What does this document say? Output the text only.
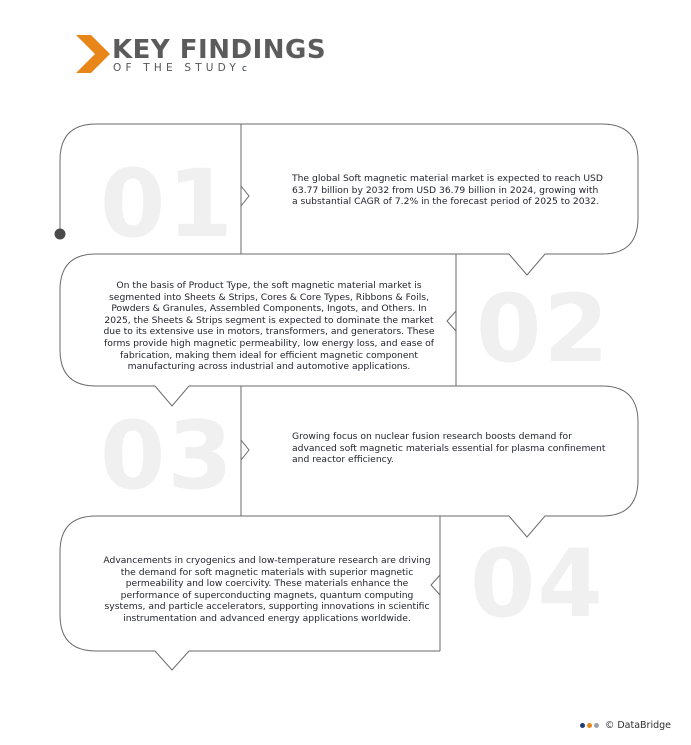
KEY FINDINGS
OF THE STUDY c
01	The global Soft magnetic material market is expected to reach USD 63.77 billion by 2032 from USD 36.79 billion in 2024, growing with a substantial CAGR of 7.2% in the forecast period of 2025 to 2032.

02

On the basis of Product Type, the soft magnetic material market is segmented into Sheets & Strips, Cores & Core Types, Ribbons & Foils, Powders & Granules, Assembled Components, Ingots, and Others. In 2025, the Sheets & Strips segment is expected to dominate the market due to its extensive use in motors, transformers, and generators. These forms provide high magnetic permeability, low energy loss, and ease of fabrication, making them ideal for efficient magnetic component manufacturing across industrial and automotive applications.

03	Growing focus on nuclear fusion research boosts demand for advanced soft magnetic materials essential for plasma confinement and reactor efficiency.

04

Advancements in cryogenics and low-temperature research are driving the demand for soft magnetic materials with superior magnetic permeability and low coercivity. These materials enhance the performance of superconducting magnets, quantum computing systems, and particle accelerators, supporting innovations in scientific instrumentation and advanced energy applications worldwide.

© DataBridge
